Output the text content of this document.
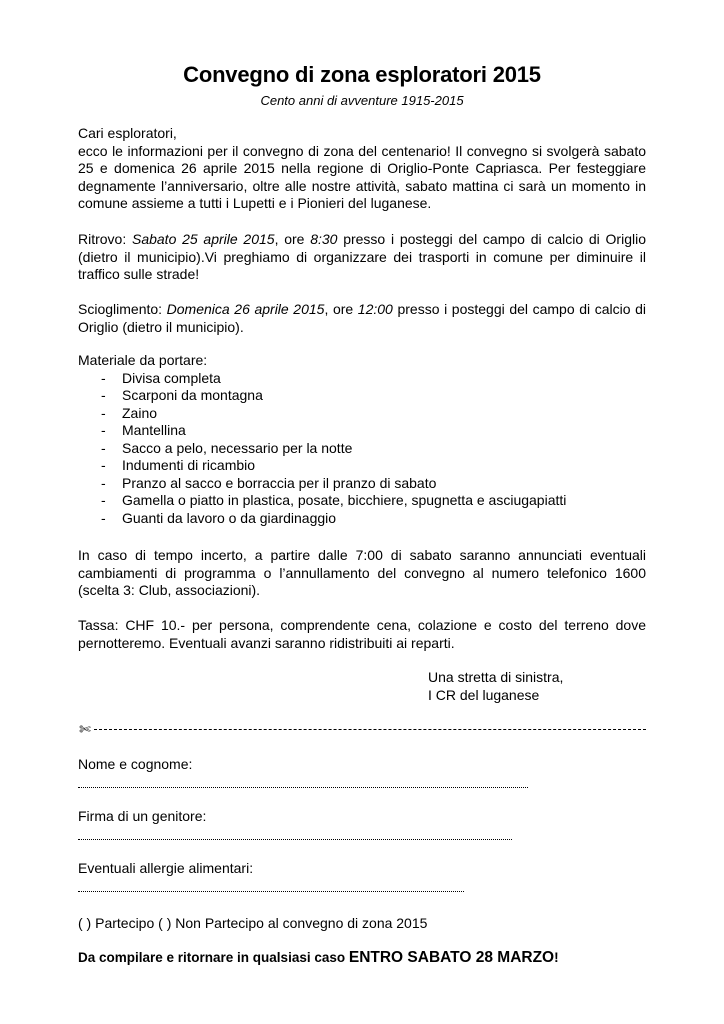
Convegno di zona esploratori 2015
Cento anni di avventure 1915-2015
Cari esploratori,
ecco le informazioni per il convegno di zona del centenario! Il convegno si svolgerà sabato 25 e domenica 26 aprile 2015 nella regione di Origlio-Ponte Capriasca. Per festeggiare degnamente l’anniversario, oltre alle nostre attività, sabato mattina ci sarà un momento in comune assieme a tutti i Lupetti e i Pionieri del luganese.
Ritrovo: Sabato 25 aprile 2015, ore 8:30 presso i posteggi del campo di calcio di Origlio (dietro il municipio).Vi preghiamo di organizzare dei trasporti in comune per diminuire il traffico sulle strade!
Scioglimento: Domenica 26 aprile 2015, ore 12:00 presso i posteggi del campo di calcio di Origlio (dietro il municipio).
Materiale da portare:
- Divisa completa
- Scarponi da montagna
- Zaino
- Mantellina
- Sacco a pelo, necessario per la notte
- Indumenti di ricambio
- Pranzo al sacco e borraccia per il pranzo di sabato
- Gamella o piatto in plastica, posate, bicchiere, spugnetta e asciugapiatti
- Guanti da lavoro o da giardinaggio
In caso di tempo incerto, a partire dalle 7:00 di sabato saranno annunciati eventuali cambiamenti di programma o l’annullamento del convegno al numero telefonico 1600 (scelta 3: Club, associazioni).
Tassa: CHF 10.- per persona, comprendente cena, colazione e costo del terreno dove pernotteremo. Eventuali avanzi saranno ridistribuiti ai reparti.
Una stretta di sinistra,
I CR del luganese
✄
Nome e cognome:
Firma di un genitore:
Eventuali allergie alimentari:
( ) Partecipo ( ) Non Partecipo al convegno di zona 2015
Da compilare e ritornare in qualsiasi caso ENTRO SABATO 28 MARZO!
